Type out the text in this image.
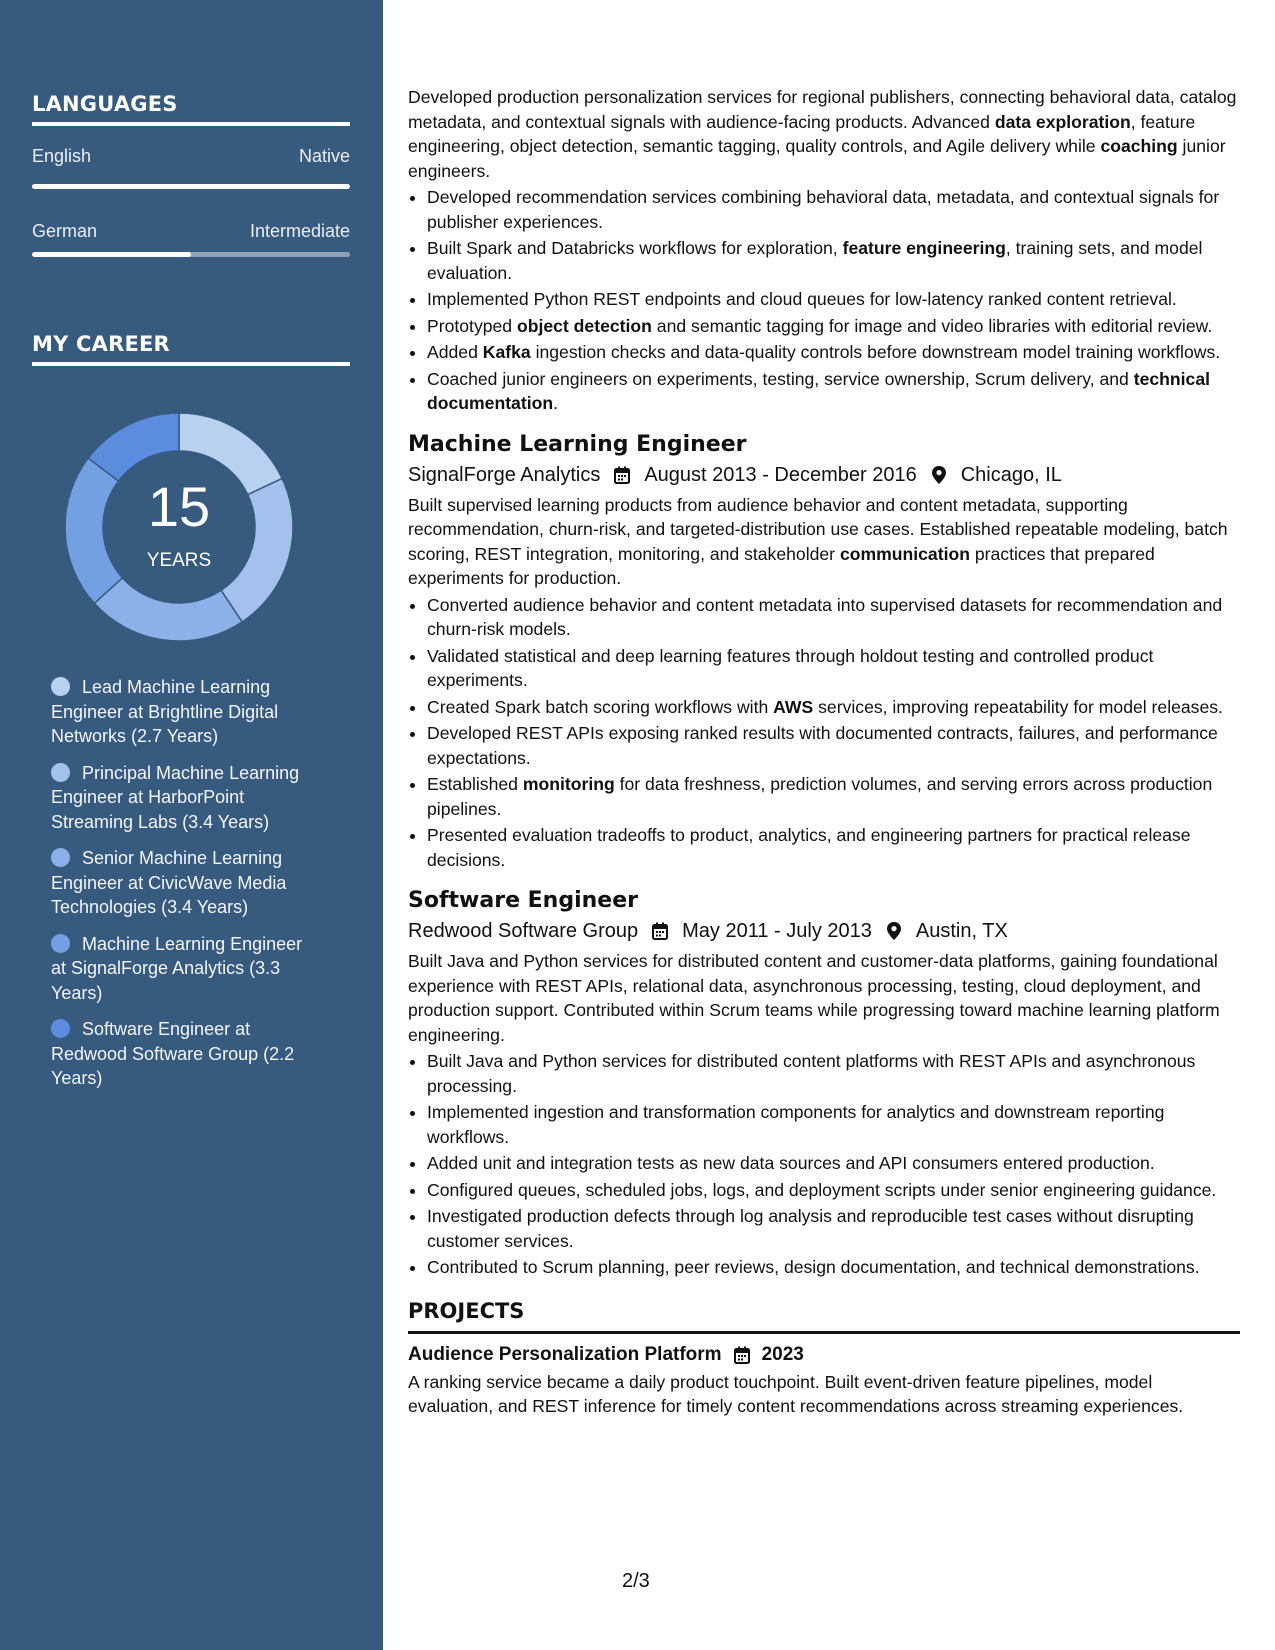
LANGUAGES
English	Native
German	Intermediate
MY CAREER
15
YEARS
Lead Machine Learning Engineer at Brightline Digital Networks (2.7 Years)
Principal Machine Learning Engineer at HarborPoint Streaming Labs (3.4 Years)
Senior Machine Learning Engineer at CivicWave Media Technologies (3.4 Years)
Machine Learning Engineer at SignalForge Analytics (3.3 Years)
Software Engineer at Redwood Software Group (2.2 Years)

Developed production personalization services for regional publishers, connecting behavioral data, catalog metadata, and contextual signals with audience-facing products. Advanced data exploration, feature engineering, object detection, semantic tagging, quality controls, and Agile delivery while coaching junior engineers.

• Developed recommendation services combining behavioral data, metadata, and contextual signals for publisher experiences.
• Built Spark and Databricks workflows for exploration, feature engineering, training sets, and model evaluation.
• Implemented Python REST endpoints and cloud queues for low-latency ranked content retrieval.
• Prototyped object detection and semantic tagging for image and video libraries with editorial review.
• Added Kafka ingestion checks and data-quality controls before downstream model training workflows.
• Coached junior engineers on experiments, testing, service ownership, Scrum delivery, and technical documentation.
Machine Learning Engineer
SignalForge Analytics August 2013 - December 2016 Chicago, IL

Built supervised learning products from audience behavior and content metadata, supporting recommendation, churn-risk, and targeted-distribution use cases. Established repeatable modeling, batch scoring, REST integration, monitoring, and stakeholder communication practices that prepared experiments for production.

• Converted audience behavior and content metadata into supervised datasets for recommendation and churn-risk models.
• Validated statistical and deep learning features through holdout testing and controlled product experiments.
• Created Spark batch scoring workflows with AWS services, improving repeatability for model releases.
• Developed REST APIs exposing ranked results with documented contracts, failures, and performance expectations.
• Established monitoring for data freshness, prediction volumes, and serving errors across production pipelines.
• Presented evaluation tradeoffs to product, analytics, and engineering partners for practical release decisions.
Software Engineer
Redwood Software Group May 2011 - July 2013 Austin, TX

Built Java and Python services for distributed content and customer-data platforms, gaining foundational experience with REST APIs, relational data, asynchronous processing, testing, cloud deployment, and production support. Contributed within Scrum teams while progressing toward machine learning platform engineering.

• Built Java and Python services for distributed content platforms with REST APIs and asynchronous processing.
• Implemented ingestion and transformation components for analytics and downstream reporting workflows.
• Added unit and integration tests as new data sources and API consumers entered production.
• Configured queues, scheduled jobs, logs, and deployment scripts under senior engineering guidance.
• Investigated production defects through log analysis and reproducible test cases without disrupting customer services.
• Contributed to Scrum planning, peer reviews, design documentation, and technical demonstrations.
PROJECTS
Audience Personalization Platform 2023

A ranking service became a daily product touchpoint. Built event-driven feature pipelines, model evaluation, and REST inference for timely content recommendations across streaming experiences.

2/3
